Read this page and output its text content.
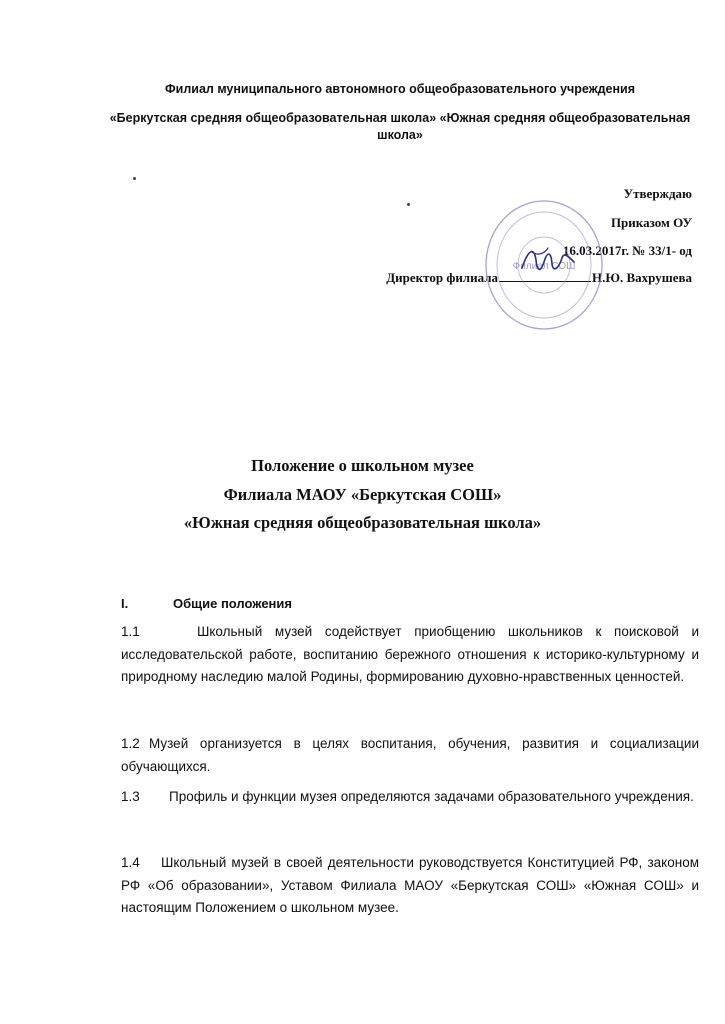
Филиал муниципального автономного общеобразовательного учреждения
«Беркутская средняя общеобразовательная школа» «Южная средняя общеобразовательная школа»
Утверждаю
Приказом ОУ
16.03.2017г. № 33/1- од
Директор филиала	Н.Ю. Вахрушева
Филиал СОШ
Положение о школьном музее
Филиала МАОУ «Беркутская СОШ»
«Южная средняя общеобразовательная школа»
I.	Общие положения
1.1	Школьный музей содействует приобщению школьников к поисковой и исследовательской работе, воспитанию бережного отношения к историко-культурному и природному наследию малой Родины, формированию духовно-нравственных ценностей.
1.2 Музей организуется в целях воспитания, обучения, развития и социализации обучающихся.
1.3 Профиль и функции музея определяются задачами образовательного учреждения.
1.4 Школьный музей в своей деятельности руководствуется Конституцией РФ, законом РФ «Об образовании», Уставом Филиала МАОУ «Беркутская СОШ» «Южная СОШ» и настоящим Положением о школьном музее.
